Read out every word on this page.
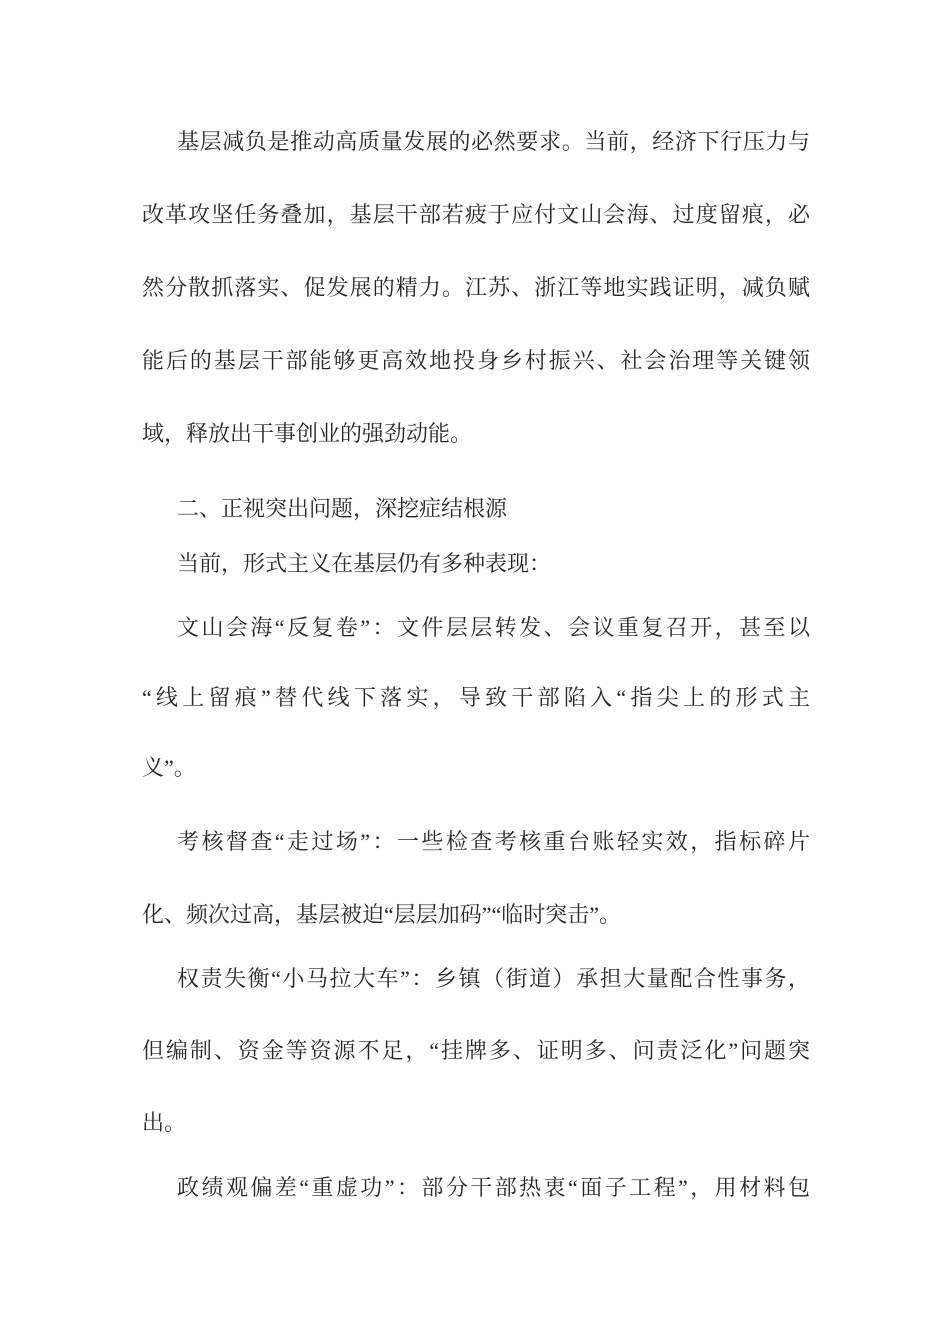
基层减负是推动高质量发展的必然要求。当前，经济下行压力与
改革攻坚任务叠加，基层干部若疲于应付文山会海、过度留痕，必
然分散抓落实、促发展的精力。江苏、浙江等地实践证明，减负赋
能后的基层干部能够更高效地投身乡村振兴、社会治理等关键领
域，释放出干事创业的强劲动能。
二、正视突出问题，深挖症结根源
当前，形式主义在基层仍有多种表现：
文山会海“反复卷”：文件层层转发、会议重复召开，甚至以
“线上留痕”替代线下落实，导致干部陷入“指尖上的形式主
义”。
考核督查“走过场”：一些检查考核重台账轻实效，指标碎片
化、频次过高，基层被迫“层层加码”“临时突击”。
权责失衡“小马拉大车”：乡镇（街道）承担大量配合性事务，
但编制、资金等资源不足，“挂牌多、证明多、问责泛化”问题突
出。
政绩观偏差“重虚功”：部分干部热衷“面子工程”，用材料包
